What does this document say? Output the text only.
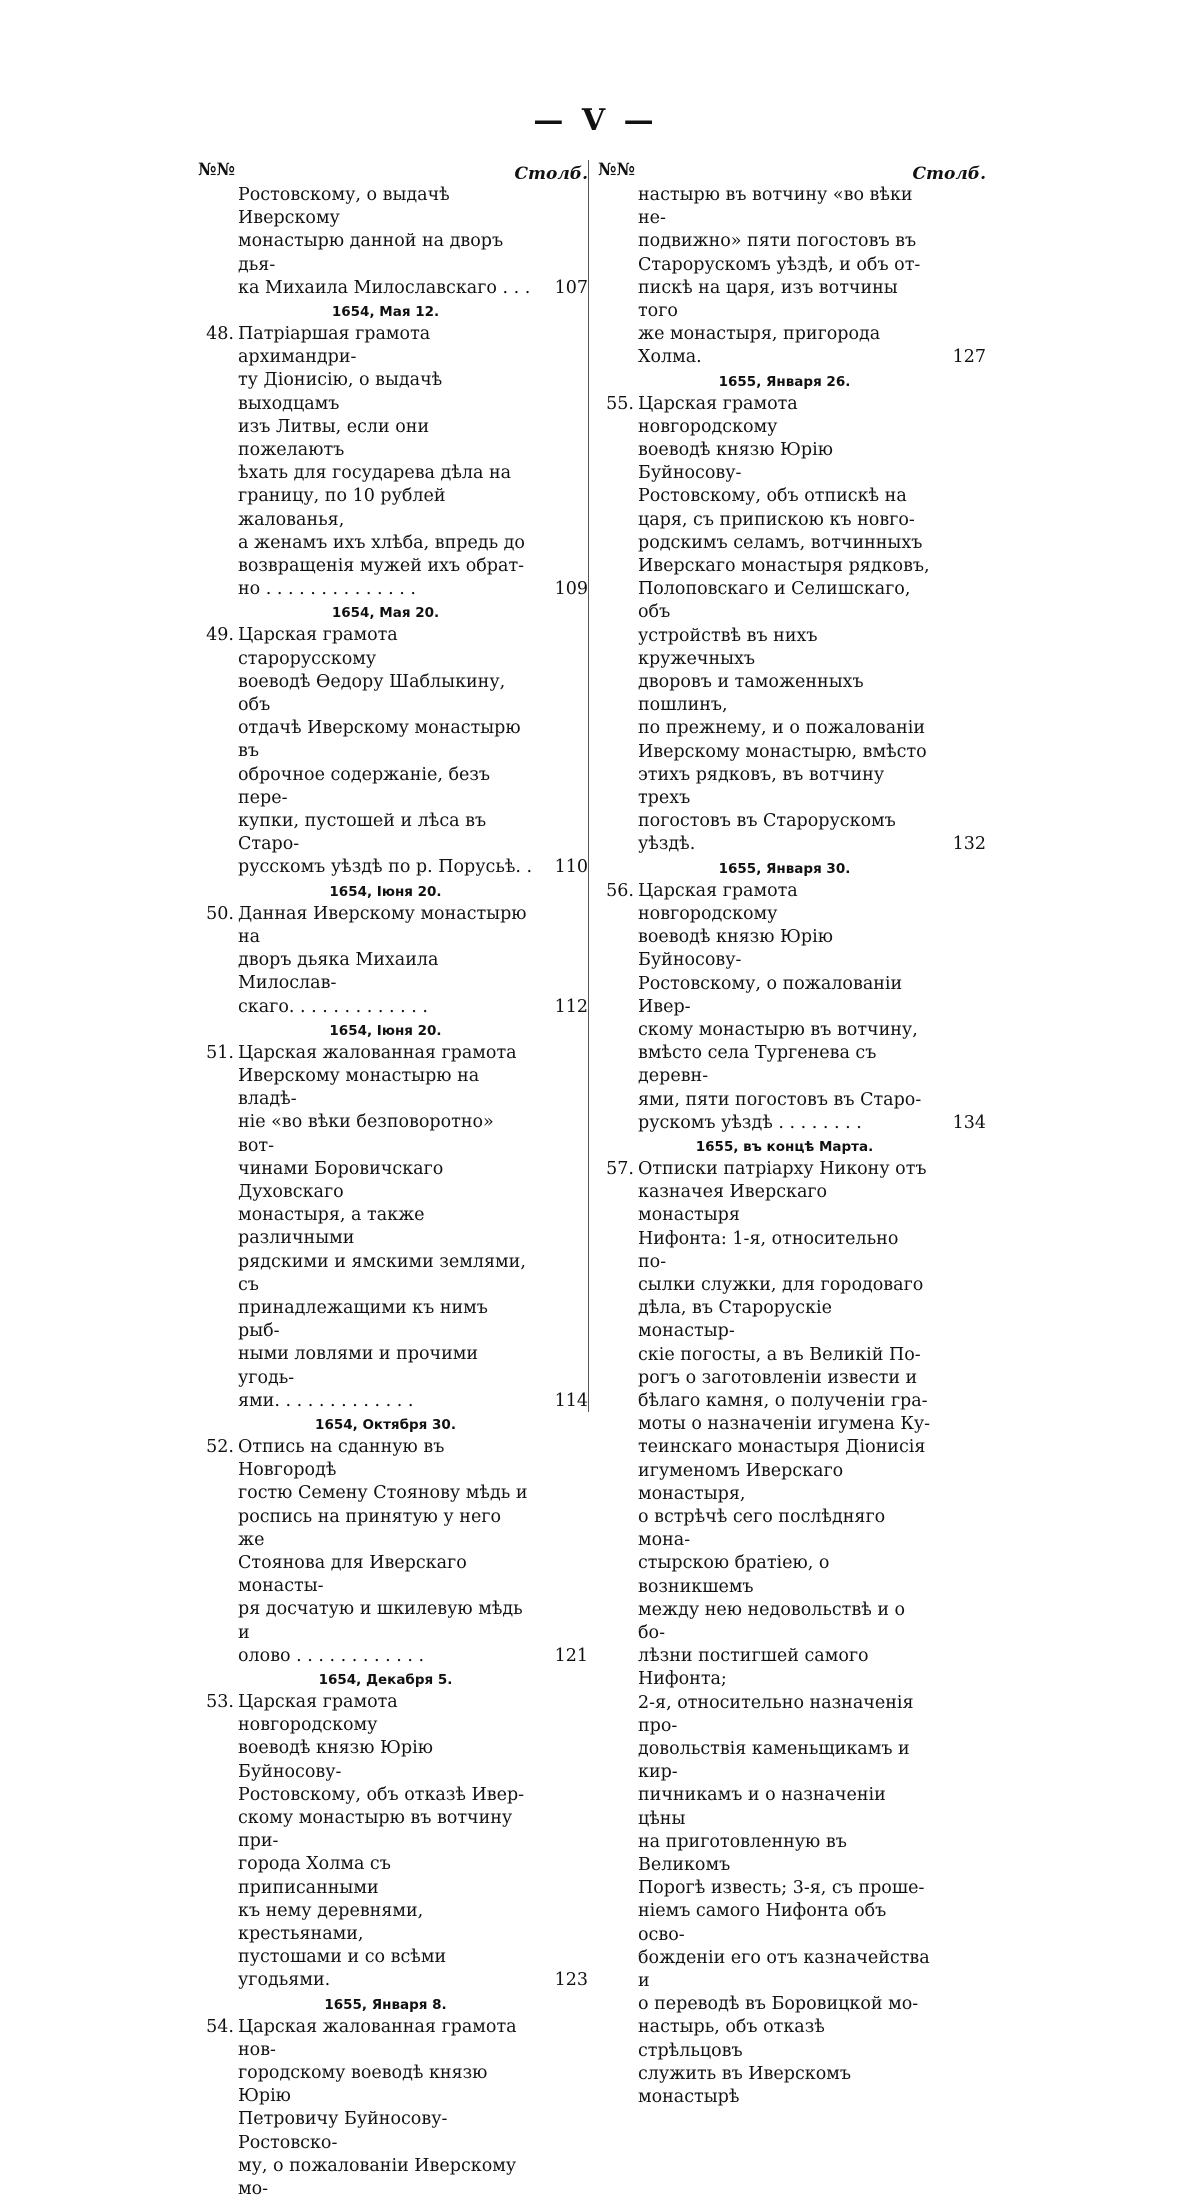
— V —
№№	Столб.
Ростовскому, о выдачѣ Иверскому
монастырю данной на дворъ дья-
ка Михаила Милославскаго . . .	107
1654, Мая 12.
48. Патріаршая грамота архимандри-
ту Діонисію, о выдачѣ выходцамъ
изъ Литвы, если они пожелаютъ
ѣхать для государева дѣла на
границу, по 10 рублей жалованья,
а женамъ ихъ хлѣба, впредь до
возвращенія мужей ихъ обрат-
но . . . . . . . . . . . . . .	109
1654, Мая 20.
49. Царская грамота старорусскому
воеводѣ Өедору Шаблыкину, объ
отдачѣ Иверскому монастырю въ
оброчное содержаніе, безъ пере-
купки, пустошей и лѣса въ Старо-
русскомъ уѣздѣ по р. Порусьѣ. .	110
1654, Іюня 20.
50. Данная Иверскому монастырю на
дворъ дьяка Михаила Милослав-
скаго. . . . . . . . . . . . .	112
1654, Іюня 20.
51. Царская жалованная грамота
Иверскому монастырю на владѣ-
ніе «во вѣки безповоротно» вот-
чинами Боровичскаго Духовскаго
монастыря, а также различными
рядскими и ямскими землями, съ
принадлежащими къ нимъ рыб-
ными ловлями и прочими угодь-
ями. . . . . . . . . . . . .	114
1654, Октября 30.
52. Отпись на сданную въ Новгородѣ
гостю Семену Стоянову мѣдь и
роспись на принятую у него же
Стоянова для Иверскаго монасты-
ря досчатую и шкилевую мѣдь и
олово . . . . . . . . . . . .	121
1654, Декабря 5.
53. Царская грамота новгородскому
воеводѣ князю Юрію Буйносову-
Ростовскому, объ отказѣ Ивер-
скому монастырю въ вотчину при-
города Холма съ приписанными
къ нему деревнями, крестьянами,
пустошами и со всѣми угодьями.	123
1655, Января 8.
54. Царская жалованная грамота нов-
городскому воеводѣ князю Юрію
Петровичу Буйносову-Ростовско-
му, о пожалованіи Иверскому мо-
№№	Столб.
настырю въ вотчину «во вѣки не-
подвижно» пяти погостовъ въ
Старорускомъ уѣздѣ, и объ от-
пискѣ на царя, изъ вотчины того
же монастыря, пригорода Холма.	127
1655, Января 26.
55. Царская грамота новгородскому
воеводѣ князю Юрію Буйносову-
Ростовскому, объ отпискѣ на
царя, съ припискою къ новго-
родскимъ селамъ, вотчинныхъ
Иверскаго монастыря рядковъ,
Полоповскаго и Селишскаго, объ
устройствѣ въ нихъ кружечныхъ
дворовъ и таможенныхъ пошлинъ,
по прежнему, и о пожалованіи
Иверскому монастырю, вмѣсто
этихъ рядковъ, въ вотчину трехъ
погостовъ въ Старорускомъ уѣздѣ.	132
1655, Января 30.
56. Царская грамота новгородскому
воеводѣ князю Юрію Буйносову-
Ростовскому, о пожалованіи Ивер-
скому монастырю въ вотчину,
вмѣсто села Тургенева съ деревн-
ями, пяти погостовъ въ Старо-
рускомъ уѣздѣ . . . . . . . .	134
1655, въ концѣ Марта.
57. Отписки патріарху Никону отъ
казначея Иверскаго монастыря
Нифонта: 1-я, относительно по-
сылки служки, для городоваго
дѣла, въ Старорускіе монастыр-
скіе погосты, а въ Великій По-
рогъ о заготовленіи извести и
бѣлаго камня, о полученіи гра-
моты о назначеніи игумена Ку-
теинскаго монастыря Діонисія
игуменомъ Иверскаго монастыря,
о встрѣчѣ сего послѣдняго мона-
стырскою братіею, о возникшемъ
между нею недовольствѣ и о бо-
лѣзни постигшей самого Нифонта;
2-я, относительно назначенія про-
довольствія каменьщикамъ и кир-
пичникамъ и о назначеніи цѣны
на приготовленную въ Великомъ
Порогѣ известь; 3-я, съ проше-
ніемъ самого Нифонта объ осво-
божденіи его отъ казначейства и
о переводѣ въ Боровицкой мо-
настырь, объ отказѣ стрѣльцовъ
служить въ Иверскомъ монастырѣ
